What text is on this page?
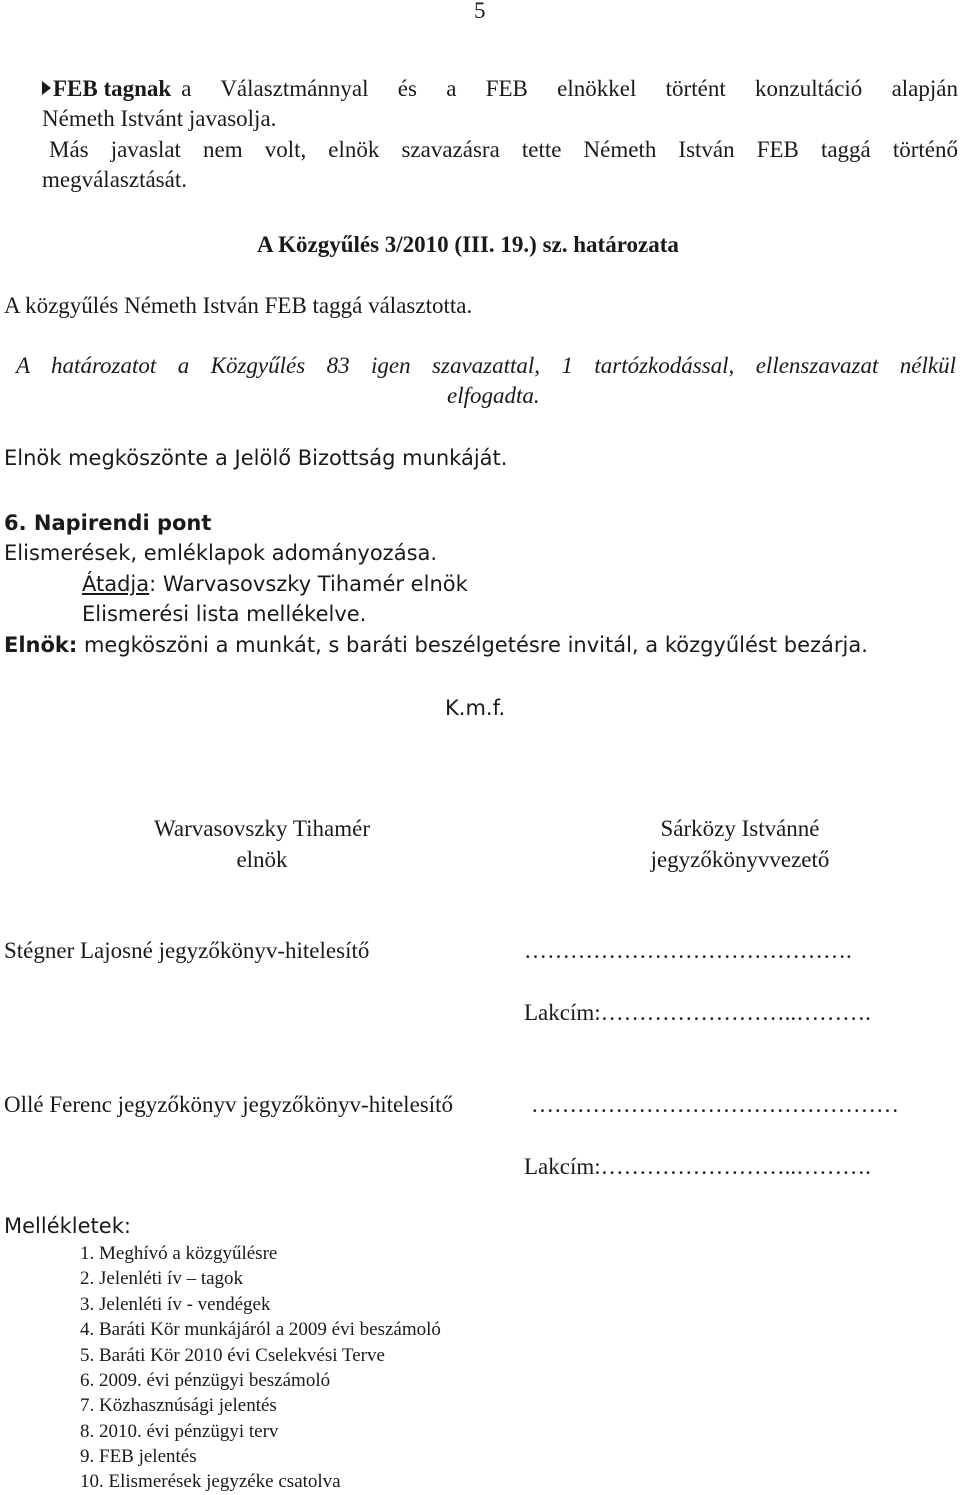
5
FEB tagnak a Választmánnyal és a FEB elnökkel történt konzultáció alapján
Németh Istvánt javasolja.
Más javaslat nem volt, elnök szavazásra tette Németh István FEB taggá történő
megválasztását.
A Közgyűlés 3/2010 (III. 19.) sz. határozata
A közgyűlés Németh István FEB taggá választotta.
A határozatot a Közgyűlés 83 igen szavazattal, 1 tartózkodással, ellenszavazat nélkül
elfogadta.
Elnök megköszönte a Jelölő Bizottság munkáját.
6. Napirendi pont
Elismerések, emléklapok adományozása.
Átadja: Warvasovszky Tihamér elnök
Elismerési lista mellékelve.
Elnök: megköszöni a munkát, s baráti beszélgetésre invitál, a közgyűlést bezárja.
K.m.f.
Warvasovszky Tihamér
elnök
Sárközy Istvánné
jegyzőkönyvvezető
Stégner Lajosné jegyzőkönyv-hitelesítő	…………………………………….
Lakcím:……………………..……….
Ollé Ferenc jegyzőkönyv jegyzőkönyv-hitelesítő	…………………………………………
Lakcím:……………………..……….
Mellékletek:
1. Meghívó a közgyűlésre
2. Jelenléti ív – tagok
3. Jelenléti ív - vendégek
4. Baráti Kör munkájáról a 2009 évi beszámoló
5. Baráti Kör 2010 évi Cselekvési Terve
6. 2009. évi pénzügyi beszámoló
7. Közhasznúsági jelentés
8. 2010. évi pénzügyi terv
9. FEB jelentés
10. Elismerések jegyzéke csatolva
